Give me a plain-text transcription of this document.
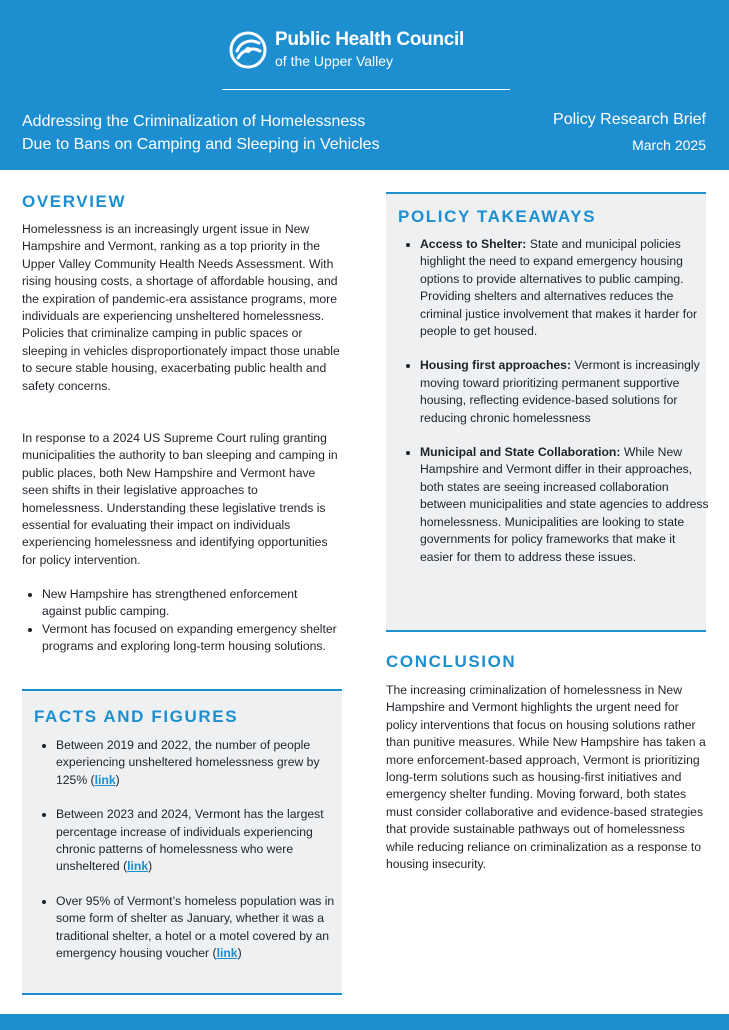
Public Health Council
of the Upper Valley
Addressing the Criminalization of Homelessness
Due to Bans on Camping and Sleeping in Vehicles
Policy Research Brief
March 2025
OVERVIEW

Homelessness is an increasingly urgent issue in New Hampshire and Vermont, ranking as a top priority in the Upper Valley Community Health Needs Assessment. With rising housing costs, a shortage of affordable housing, and the expiration of pandemic-era assistance programs, more individuals are experiencing unsheltered homelessness. Policies that criminalize camping in public spaces or sleeping in vehicles disproportionately impact those unable to secure stable housing, exacerbating public health and safety concerns.

In response to a 2024 US Supreme Court ruling granting municipalities the authority to ban sleeping and camping in public places, both New Hampshire and Vermont have seen shifts in their legislative approaches to homelessness. Understanding these legislative trends is essential for evaluating their impact on individuals experiencing homelessness and identifying opportunities for policy intervention.

• New Hampshire has strengthened enforcement against public camping.
• Vermont has focused on expanding emergency shelter programs and exploring long-term housing solutions.
FACTS AND FIGURES
• Between 2019 and 2022, the number of people experiencing unsheltered homelessness grew by 125% (link)
• Between 2023 and 2024, Vermont has the largest percentage increase of individuals experiencing chronic patterns of homelessness who were unsheltered (link)
• Over 95% of Vermont’s homeless population was in some form of shelter as January, whether it was a traditional shelter, a hotel or a motel covered by an emergency housing voucher (link)
POLICY TAKEAWAYS
• Access to Shelter: State and municipal policies highlight the need to expand emergency housing options to provide alternatives to public camping. Providing shelters and alternatives reduces the criminal justice involvement that makes it harder for people to get housed.
• Housing first approaches: Vermont is increasingly moving toward prioritizing permanent supportive housing, reflecting evidence-based solutions for reducing chronic homelessness
• Municipal and State Collaboration: While New Hampshire and Vermont differ in their approaches, both states are seeing increased collaboration between municipalities and state agencies to address homelessness. Municipalities are looking to state governments for policy frameworks that make it easier for them to address these issues.
CONCLUSION

The increasing criminalization of homelessness in New Hampshire and Vermont highlights the urgent need for policy interventions that focus on housing solutions rather than punitive measures. While New Hampshire has taken a more enforcement-based approach, Vermont is prioritizing long-term solutions such as housing-first initiatives and emergency shelter funding. Moving forward, both states must consider collaborative and evidence-based strategies that provide sustainable pathways out of homelessness while reducing reliance on criminalization as a response to housing insecurity.
